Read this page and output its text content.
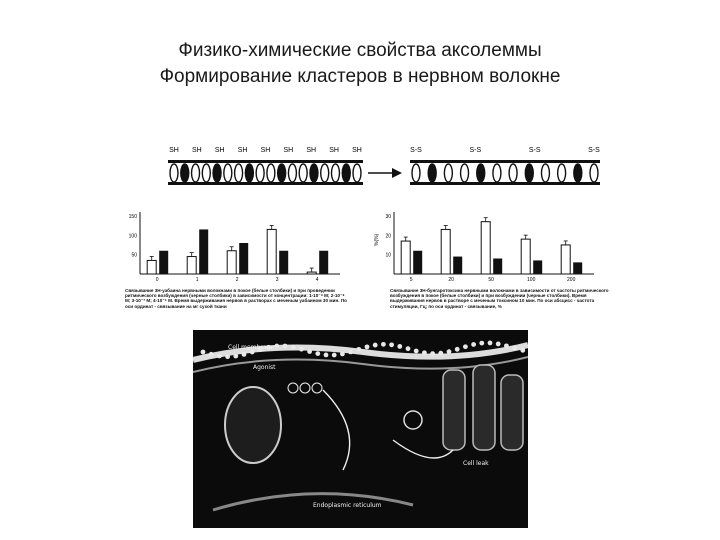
Физико-химические свойства аксолеммы
Формирование кластеров в нервном волокне
SH SH SH SH SH SH SH SH SH	S-S	S-S	S-S	S-S
150
100
50
0	1	2	3	4
30
20
10
%(%)
5	20	50	100	200
Связывание 3H-уабаина нервными волокнами в покое (белые столбики) и при проведении ритмического возбуждения (черные столбики) в зависимости от концентрации: 1-10⁻⁹ М; 2-10⁻⁸ М; 3-10⁻⁷ М; 4-10⁻⁶ М. Время выдерживания нервов в растворах с меченым уабаином 30 мин. По оси ординат - связывание на мг сухой ткани
Связывание 3H-бунгаротоксина нервными волокнами в зависимости от частоты ритмического возбуждения в покое (белые столбики) и при возбуждении (черные столбики). Время выдерживания нервов в растворе с меченым токсином 10 мин. По оси абсцисс - частота стимуляции, Гц; по оси ординат - связывание, %
Cell membrane
Agonist
Endoplasmic reticulum
Cell leak
